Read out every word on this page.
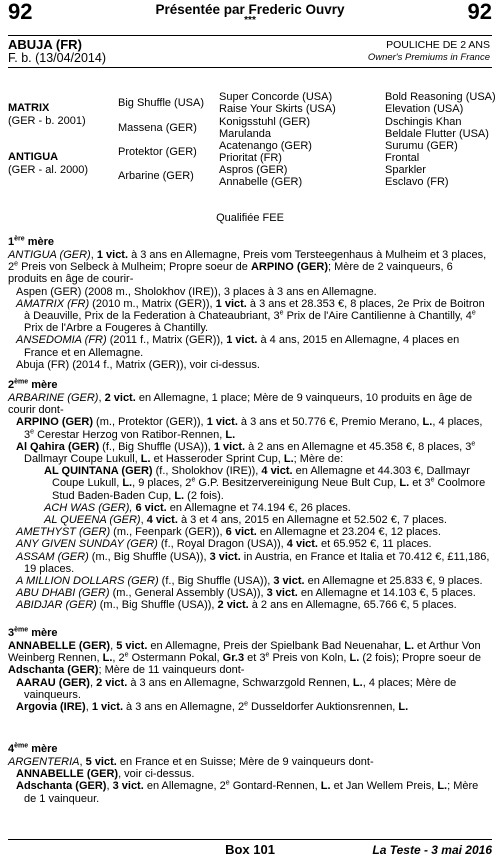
92	92
Présentée par Frederic Ouvry
***
ABUJA (FR)
F. b. (13/04/2014)
POULICHE DE 2 ANS
Owner's Premiums in France
MATRIX
(GER - b. 2001)
ANTIGUA
(GER - al. 2000)
Big Shuffle (USA)
Massena (GER)
Protektor (GER)
Arbarine (GER)
Super Concorde (USA)
Raise Your Skirts (USA)
Konigsstuhl (GER)
Marulanda
Acatenango (GER)
Prioritat (FR)
Aspros (GER)
Annabelle (GER)
Bold Reasoning (USA)
Elevation (USA)
Dschingis Khan
Beldale Flutter (USA)
Surumu (GER)
Frontal
Sparkler
Esclavo (FR)
Qualifiée FEE
1ère mère

ANTIGUA (GER), 1 vict. à 3 ans en Allemagne, Preis vom Tersteegenhaus à Mulheim et 3 places, 2e Preis von Selbeck à Mulheim; Propre soeur de ARPINO (GER); Mère de 2 vainqueurs, 6 produits en âge de courir-

Aspen (GER) (2008 m., Sholokhov (IRE)), 3 places à 3 ans en Allemagne.

AMATRIX (FR) (2010 m., Matrix (GER)), 1 vict. à 3 ans et 28.353 €, 8 places, 2e Prix de Boitron à Deauville, Prix de la Federation à Chateaubriant, 3e Prix de l'Aire Cantilienne à Chantilly, 4e Prix de l'Arbre a Fougeres à Chantilly.

ANSEDOMIA (FR) (2011 f., Matrix (GER)), 1 vict. à 4 ans, 2015 en Allemagne, 4 places en France et en Allemagne.

Abuja (FR) (2014 f., Matrix (GER)), voir ci-dessus.

2ème mère

ARBARINE (GER), 2 vict. en Allemagne, 1 place; Mère de 9 vainqueurs, 10 produits en âge de courir dont-

ARPINO (GER) (m., Protektor (GER)), 1 vict. à 3 ans et 50.776 €, Premio Merano, L., 4 places, 3e Cerestar Herzog von Ratibor-Rennen, L.

Al Qahira (GER) (f., Big Shuffle (USA)), 1 vict. à 2 ans en Allemagne et 45.358 €, 8 places, 3e Dallmayr Coupe Lukull, L. et Hasseroder Sprint Cup, L.; Mère de:

AL QUINTANA (GER) (f., Sholokhov (IRE)), 4 vict. en Allemagne et 44.303 €, Dallmayr Coupe Lukull, L., 9 places, 2e G.P. Besitzervereinigung Neue Bult Cup, L. et 3e Coolmore Stud Baden-Baden Cup, L. (2 fois).

ACH WAS (GER), 6 vict. en Allemagne et 74.194 €, 26 places.

AL QUEENA (GER), 4 vict. à 3 et 4 ans, 2015 en Allemagne et 52.502 €, 7 places.

AMETHYST (GER) (m., Feenpark (GER)), 6 vict. en Allemagne et 23.204 €, 12 places.

ANY GIVEN SUNDAY (GER) (f., Royal Dragon (USA)), 4 vict. et 65.952 €, 11 places.

ASSAM (GER) (m., Big Shuffle (USA)), 3 vict. in Austria, en France et Italia et 70.412 €, £11,186, 19 places.

A MILLION DOLLARS (GER) (f., Big Shuffle (USA)), 3 vict. en Allemagne et 25.833 €, 9 places.

ABU DHABI (GER) (m., General Assembly (USA)), 3 vict. en Allemagne et 14.103 €, 5 places.

ABIDJAR (GER) (m., Big Shuffle (USA)), 2 vict. à 2 ans en Allemagne, 65.766 €, 5 places.

3ème mère

ANNABELLE (GER), 5 vict. en Allemagne, Preis der Spielbank Bad Neuenahar, L. et Arthur Von Weinberg Rennen, L., 2e Ostermann Pokal, Gr.3 et 3e Preis von Koln, L. (2 fois); Propre soeur de Adschanta (GER); Mère de 11 vainqueurs dont-

AARAU (GER), 2 vict. à 3 ans en Allemagne, Schwarzgold Rennen, L., 4 places; Mère de vainqueurs.

Argovia (IRE), 1 vict. à 3 ans en Allemagne, 2e Dusseldorfer Auktionsrennen, L.

4ème mère

ARGENTERIA, 5 vict. en France et en Suisse; Mère de 9 vainqueurs dont-

ANNABELLE (GER), voir ci-dessus.

Adschanta (GER), 3 vict. en Allemagne, 2e Gontard-Rennen, L. et Jan Wellem Preis, L.; Mère de 1 vainqueur.

Box 101	La Teste - 3 mai 2016
